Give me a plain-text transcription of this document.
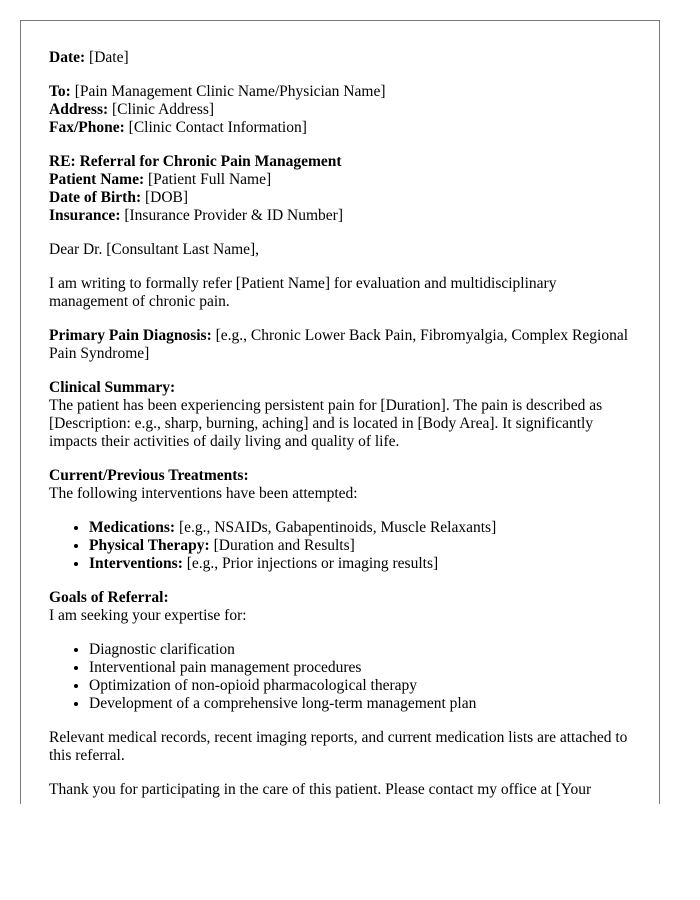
Date: [Date]

To: [Pain Management Clinic Name/Physician Name]
Address: [Clinic Address]
Fax/Phone: [Clinic Contact Information]

RE: Referral for Chronic Pain Management
Patient Name: [Patient Full Name]
Date of Birth: [DOB]
Insurance: [Insurance Provider & ID Number]

Dear Dr. [Consultant Last Name],

I am writing to formally refer [Patient Name] for evaluation and multidisciplinary management of chronic pain.

Primary Pain Diagnosis: [e.g., Chronic Lower Back Pain, Fibromyalgia, Complex Regional Pain Syndrome]

Clinical Summary:
The patient has been experiencing persistent pain for [Duration]. The pain is described as [Description: e.g., sharp, burning, aching] and is located in [Body Area]. It significantly impacts their activities of daily living and quality of life.

Current/Previous Treatments:
The following interventions have been attempted:

• Medications: [e.g., NSAIDs, Gabapentinoids, Muscle Relaxants]
• Physical Therapy: [Duration and Results]
• Interventions: [e.g., Prior injections or imaging results]

Goals of Referral:
I am seeking your expertise for:

• Diagnostic clarification
• Interventional pain management procedures
• Optimization of non-opioid pharmacological therapy
• Development of a comprehensive long-term management plan

Relevant medical records, recent imaging reports, and current medication lists are attached to this referral.

Thank you for participating in the care of this patient. Please contact my office at [Your
